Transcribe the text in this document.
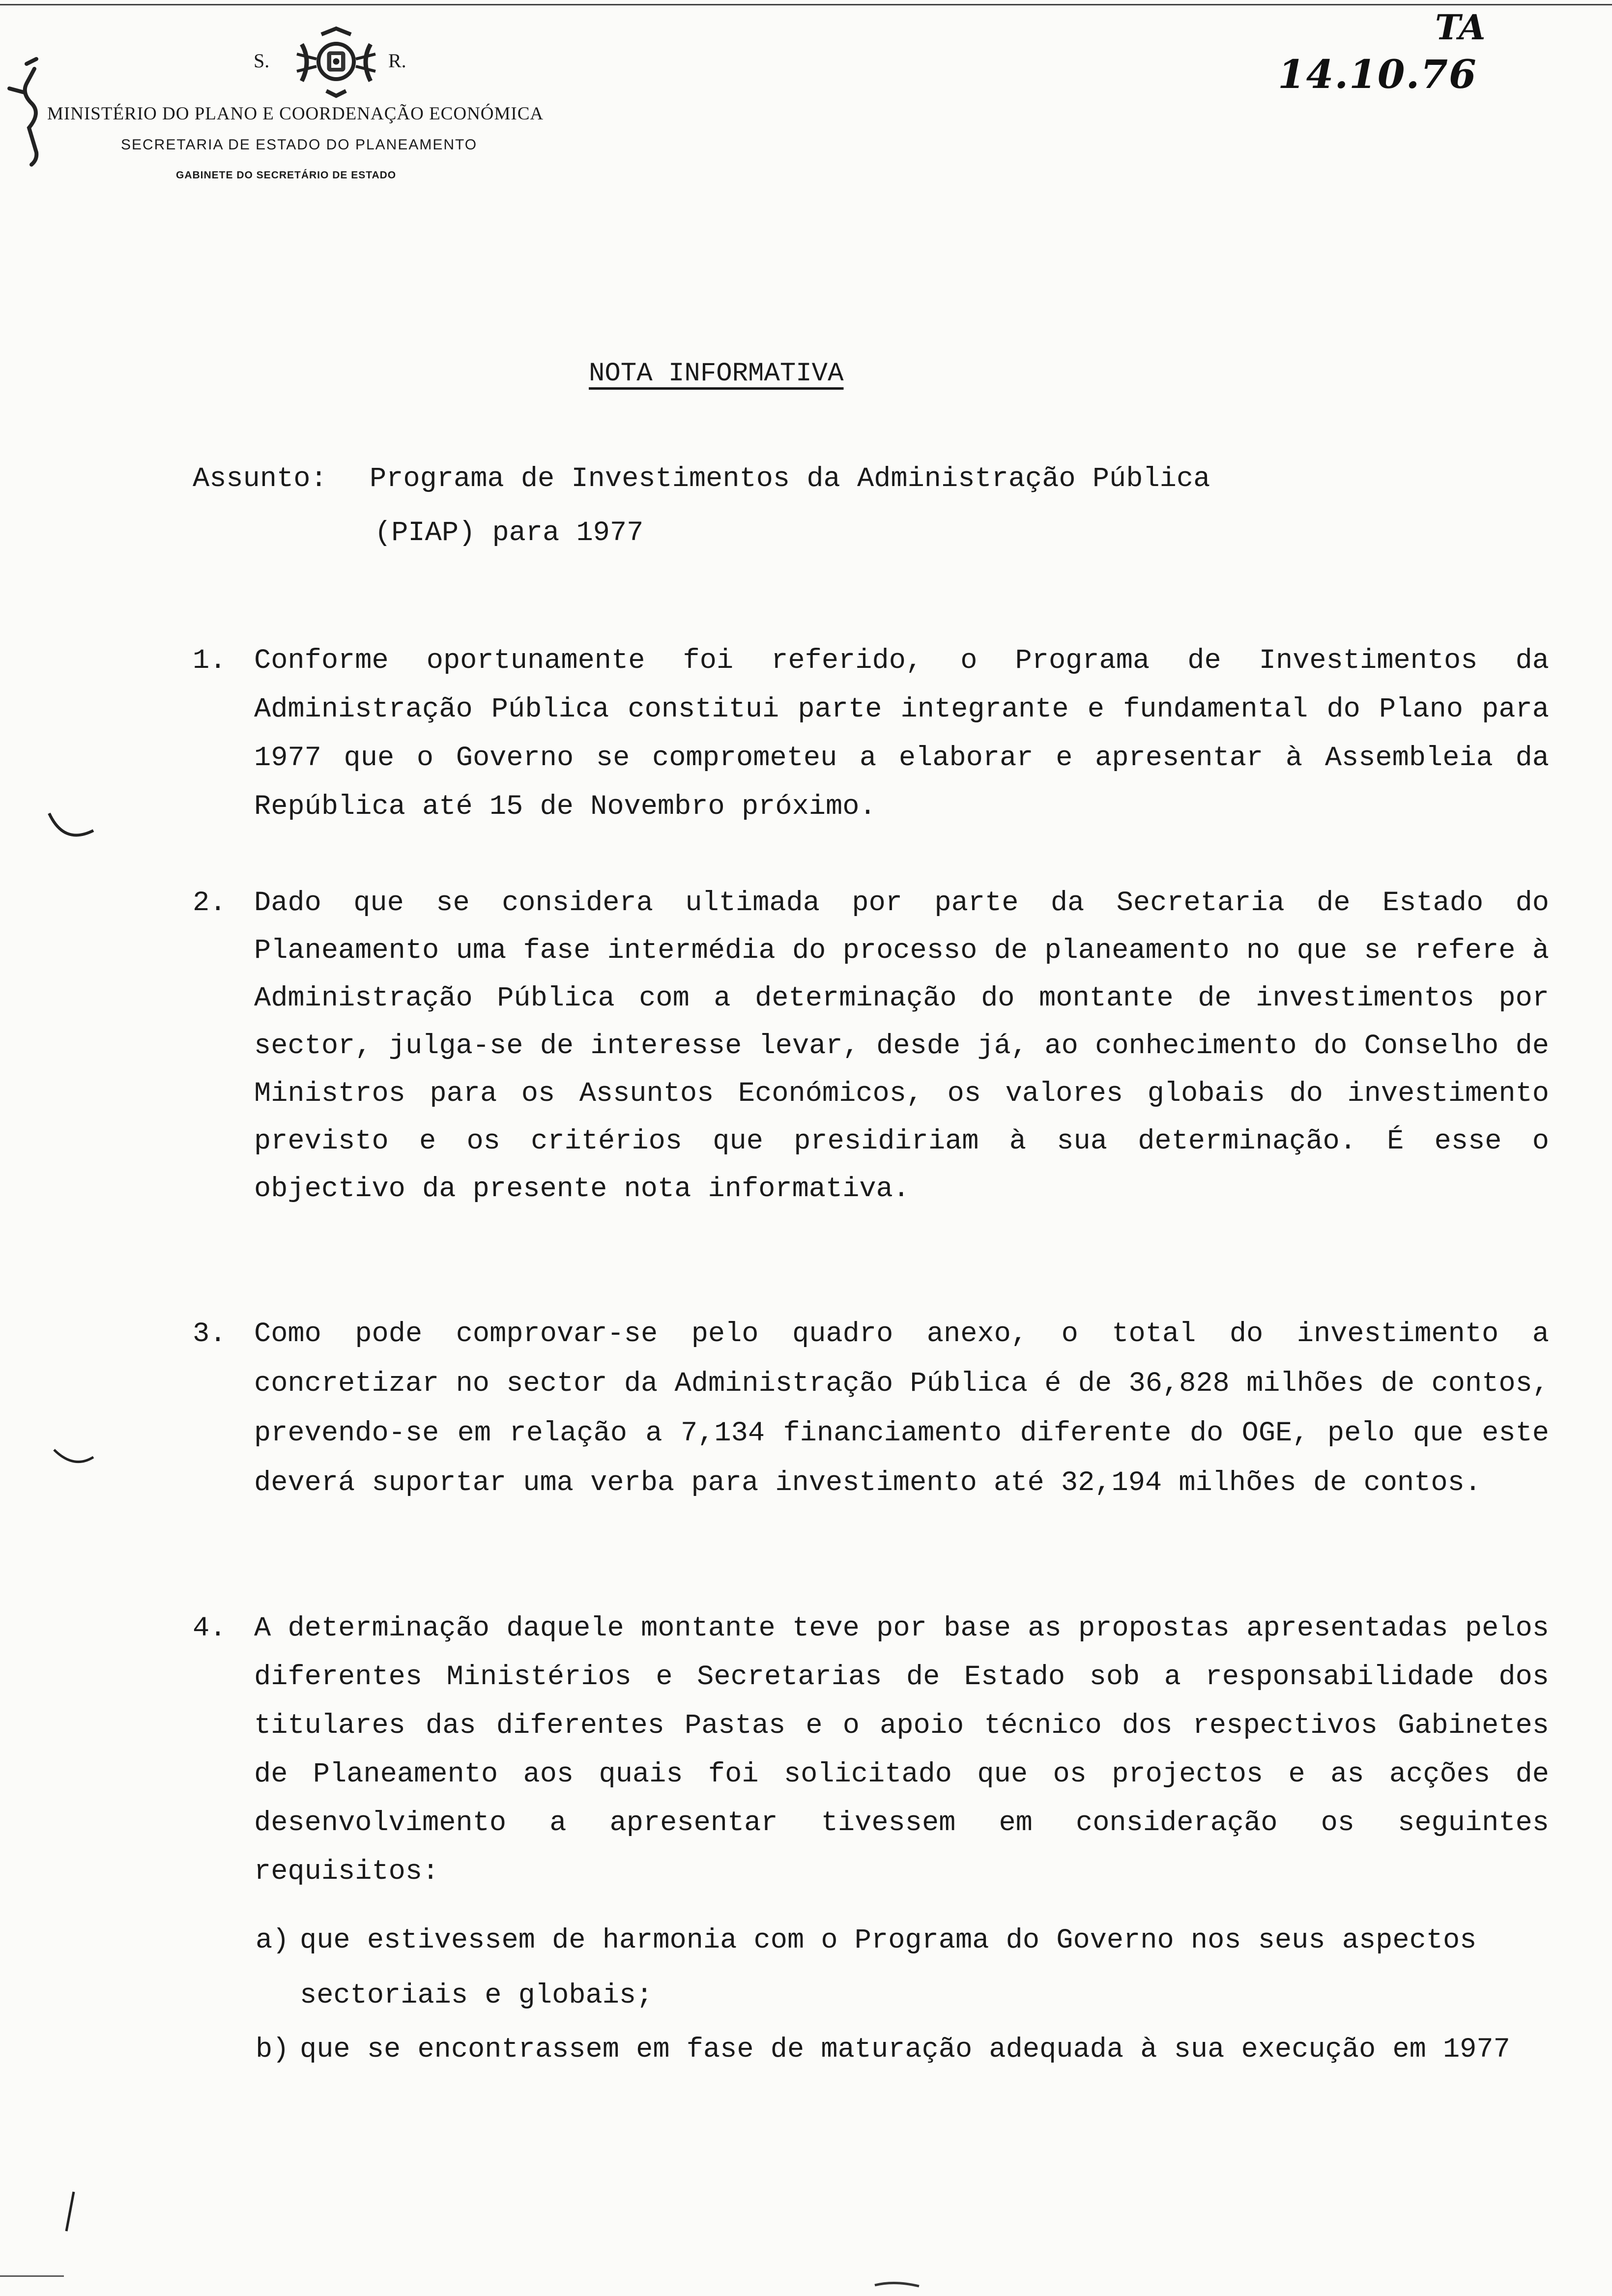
S.	R.
MINISTÉRIO DO PLANO E COORDENAÇÃO ECONÓMICA
SECRETARIA DE ESTADO DO PLANEAMENTO
GABINETE DO SECRETÁRIO DE ESTADO
TA
14.10.76
NOTA INFORMATIVA
Assunto: Programa de Investimentos da Administração Pública
(PIAP) para 1977
1. Conforme oportunamente foi referido, o Programa de Investimentos da Administração Pública constitui parte integrante e fundamental do Plano para 1977 que o Governo se comprometeu a elaborar e apresentar à Assembleia da República até 15 de Novembro próximo.
2. Dado que se considera ultimada por parte da Secretaria de Estado do Planeamento uma fase intermédia do processo de planeamento no que se refere à Administração Pública com a determinação do montante de investimentos por sector, julga-se de interesse levar, desde já, ao conhecimento do Conselho de Ministros para os Assuntos Económicos, os valores globais do investimento previsto e os critérios que presidiriam à sua determinação. É esse o objectivo da presente nota informativa.
3. Como pode comprovar-se pelo quadro anexo, o total do investimento a concretizar no sector da Administração Pública é de 36,828 milhões de contos, prevendo-se em relação a 7,134 financiamento diferente do OGE, pelo que este deverá suportar uma verba para investimento até 32,194 milhões de contos.
4. A determinação daquele montante teve por base as propostas apresentadas pelos diferentes Ministérios e Secretarias de Estado sob a responsabilidade dos titulares das diferentes Pastas e o apoio técnico dos respectivos Gabinetes de Planeamento aos quais foi solicitado que os projectos e as acções de desenvolvimento a apresentar tivessem em consideração os seguintes requisitos:
a) que estivessem de harmonia com o Programa do Governo nos seus aspectos sectoriais e globais;
b) que se encontrassem em fase de maturação adequada à sua execução em 1977
